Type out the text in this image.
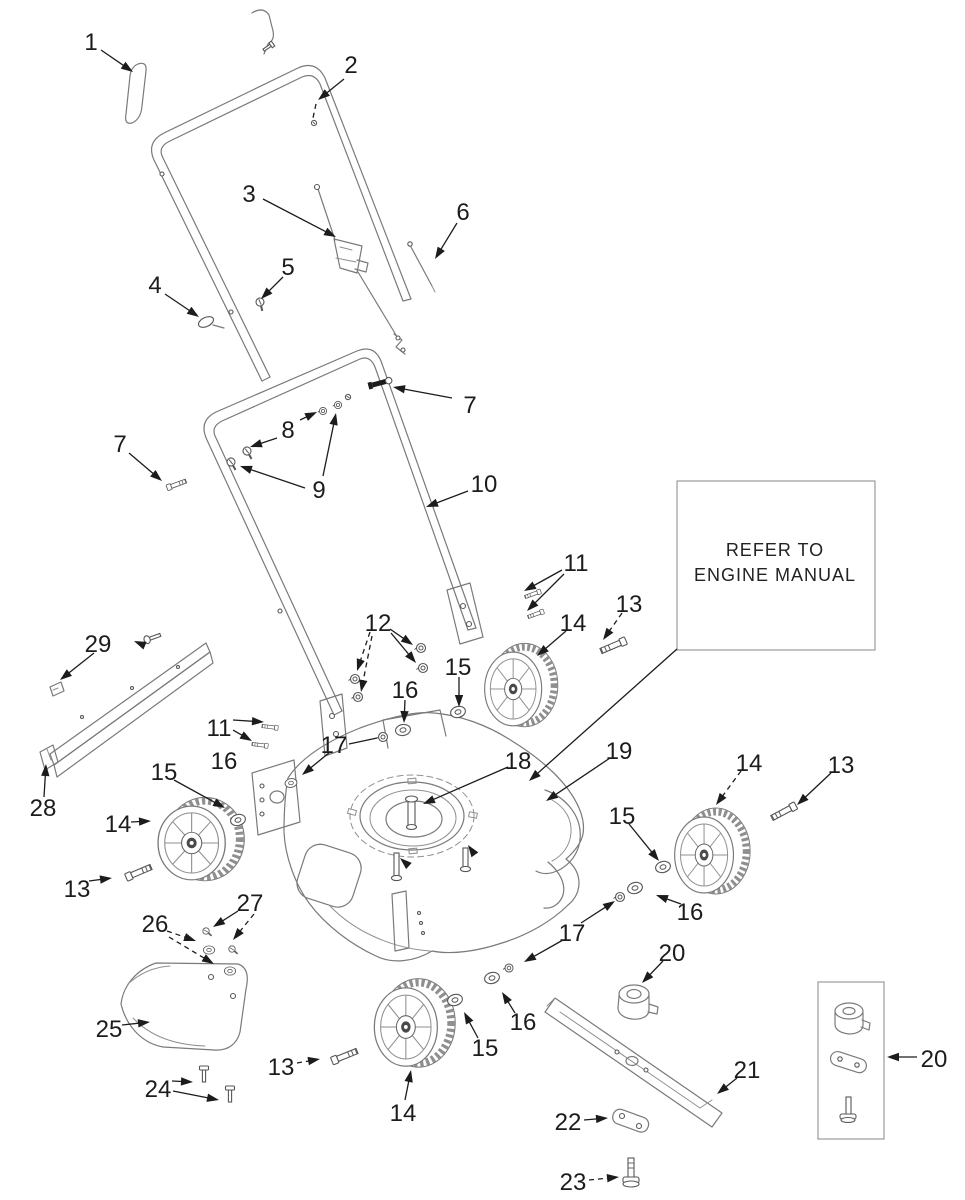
REFER TO
ENGINE MANUAL
1
2
3
4
5
6
7
7
8
9	10
11
11
12
13
13
13
13
14
14
14
14
15
15
15
15
16
16
16
16
17
17
18	19
20
20
21
22
23
24
25
26
27
28
29
